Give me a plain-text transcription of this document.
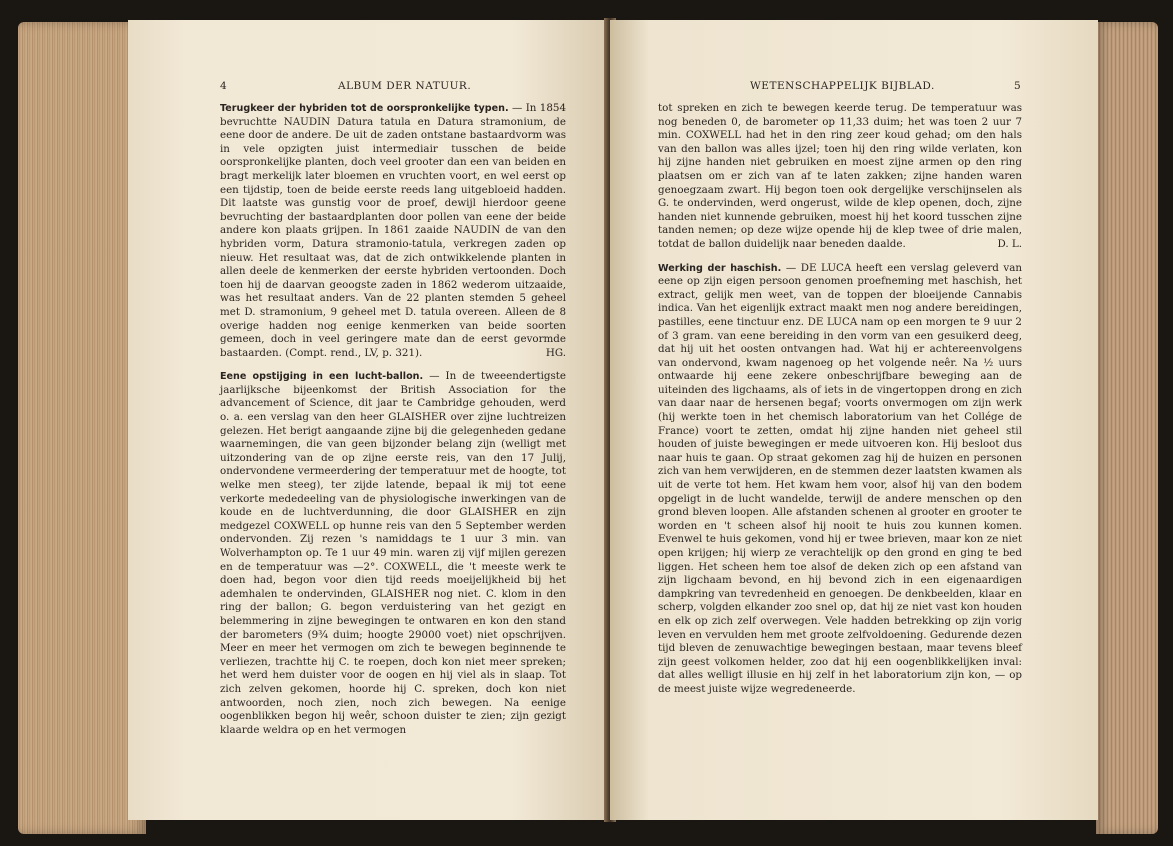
4	ALBUM DER NATUUR.

Terugkeer der hybriden tot de oorspronkelijke typen. — In 1854 bevruchtte NAUDIN Datura tatula en Datura stramonium, de eene door de andere. De uit de zaden ontstane bastaardvorm was in vele opzigten juist intermediair tusschen de beide oorspronkelijke planten, doch veel grooter dan een van beiden en bragt merkelijk later bloemen en vruchten voort, en wel eerst op een tijdstip, toen de beide eerste reeds lang uitgebloeid hadden. Dit laatste was gunstig voor de proef, dewijl hierdoor geene bevruchting der bastaardplanten door pollen van eene der beide andere kon plaats grijpen. In 1861 zaaide NAUDIN de van den hybriden vorm, Datura stramonio-tatula, verkregen zaden op nieuw. Het resultaat was, dat de zich ontwikkelende planten in allen deele de kenmerken der eerste hybriden vertoonden. Doch toen hij de daarvan geoogste zaden in 1862 wederom uitzaaide, was het resultaat anders. Van de 22 planten stemden 5 geheel met D. stramonium, 9 geheel met D. tatula overeen. Alleen de 8 overige hadden nog eenige kenmerken van beide soorten gemeen, doch in veel geringere mate dan de eerst gevormde bastaarden. (Compt. rend., LV, p. 321).	HG.

Eene opstijging in een lucht-ballon. — In de tweeendertigste jaarlijksche bijeenkomst der British Association for the advancement of Science, dit jaar te Cambridge gehouden, werd o. a. een verslag van den heer GLAISHER over zijne luchtreizen gelezen. Het berigt aangaande zijne bij die gelegenheden gedane waarnemingen, die van geen bijzonder belang zijn (welligt met uitzondering van de op zijne eerste reis, van den 17 Julij, ondervondene vermeerdering der temperatuur met de hoogte, tot welke men steeg), ter zijde latende, bepaal ik mij tot eene verkorte mededeeling van de physiologische inwerkingen van de koude en de luchtverdunning, die door GLAISHER en zijn medgezel COXWELL op hunne reis van den 5 September werden ondervonden. Zij rezen 's namiddags te 1 uur 3 min. van Wolverhampton op. Te 1 uur 49 min. waren zij vijf mijlen gerezen en de temperatuur was —2°. COXWELL, die 't meeste werk te doen had, begon voor dien tijd reeds moeijelijkheid bij het ademhalen te ondervinden, GLAISHER nog niet. C. klom in den ring der ballon; G. begon verduistering van het gezigt en belemmering in zijne bewegingen te ontwaren en kon den stand der barometers (9¾ duim; hoogte 29000 voet) niet opschrijven. Meer en meer het vermogen om zich te bewegen beginnende te verliezen, trachtte hij C. te roepen, doch kon niet meer spreken; het werd hem duister voor de oogen en hij viel als in slaap. Tot zich zelven gekomen, hoorde hij C. spreken, doch kon niet antwoorden, noch zien, noch zich bewegen. Na eenige oogenblikken begon hij weêr, schoon duister te zien; zijn gezigt klaarde weldra op en het vermogen

WETENSCHAPPELIJK BIJBLAD.	5

tot spreken en zich te bewegen keerde terug. De temperatuur was nog beneden 0, de barometer op 11,33 duim; het was toen 2 uur 7 min. COXWELL had het in den ring zeer koud gehad; om den hals van den ballon was alles ijzel; toen hij den ring wilde verlaten, kon hij zijne handen niet gebruiken en moest zijne armen op den ring plaatsen om er zich van af te laten zakken; zijne handen waren genoegzaam zwart. Hij begon toen ook dergelijke verschijnselen als G. te ondervinden, werd ongerust, wilde de klep openen, doch, zijne handen niet kunnende gebruiken, moest hij het koord tusschen zijne tanden nemen; op deze wijze opende hij de klep twee of drie malen, totdat de ballon duidelijk naar beneden daalde.	D. L.

Werking der haschish. — DE LUCA heeft een verslag geleverd van eene op zijn eigen persoon genomen proefneming met haschish, het extract, gelijk men weet, van de toppen der bloeijende Cannabis indica. Van het eigenlijk extract maakt men nog andere bereidingen, pastilles, eene tinctuur enz. DE LUCA nam op een morgen te 9 uur 2 of 3 gram. van eene bereiding in den vorm van een gesuikerd deeg, dat hij uit het oosten ontvangen had. Wat hij er achtereenvolgens van ondervond, kwam nagenoeg op het volgende neêr. Na ½ uurs ontwaarde hij eene zekere onbeschrijfbare beweging aan de uiteinden des ligchaams, als of iets in de vingertoppen drong en zich van daar naar de hersenen begaf; voorts onvermogen om zijn werk (hij werkte toen in het chemisch laboratorium van het Collége de France) voort te zetten, omdat hij zijne handen niet geheel stil houden of juiste bewegingen er mede uitvoeren kon. Hij besloot dus naar huis te gaan. Op straat gekomen zag hij de huizen en personen zich van hem verwijderen, en de stemmen dezer laatsten kwamen als uit de verte tot hem. Het kwam hem voor, alsof hij van den bodem opgeligt in de lucht wandelde, terwijl de andere menschen op den grond bleven loopen. Alle afstanden schenen al grooter en grooter te worden en 't scheen alsof hij nooit te huis zou kunnen komen. Evenwel te huis gekomen, vond hij er twee brieven, maar kon ze niet open krijgen; hij wierp ze verachtelijk op den grond en ging te bed liggen. Het scheen hem toe alsof de deken zich op een afstand van zijn ligchaam bevond, en hij bevond zich in een eigenaardigen dampkring van tevredenheid en genoegen. De denkbeelden, klaar en scherp, volgden elkander zoo snel op, dat hij ze niet vast kon houden en elk op zich zelf overwegen. Vele hadden betrekking op zijn vorig leven en vervulden hem met groote zelfvoldoening. Gedurende dezen tijd bleven de zenuwachtige bewegingen bestaan, maar tevens bleef zijn geest volkomen helder, zoo dat hij een oogenblikkelijken inval: dat alles welligt illusie en hij zelf in het laboratorium zijn kon, — op de meest juiste wijze wegredeneerde.
